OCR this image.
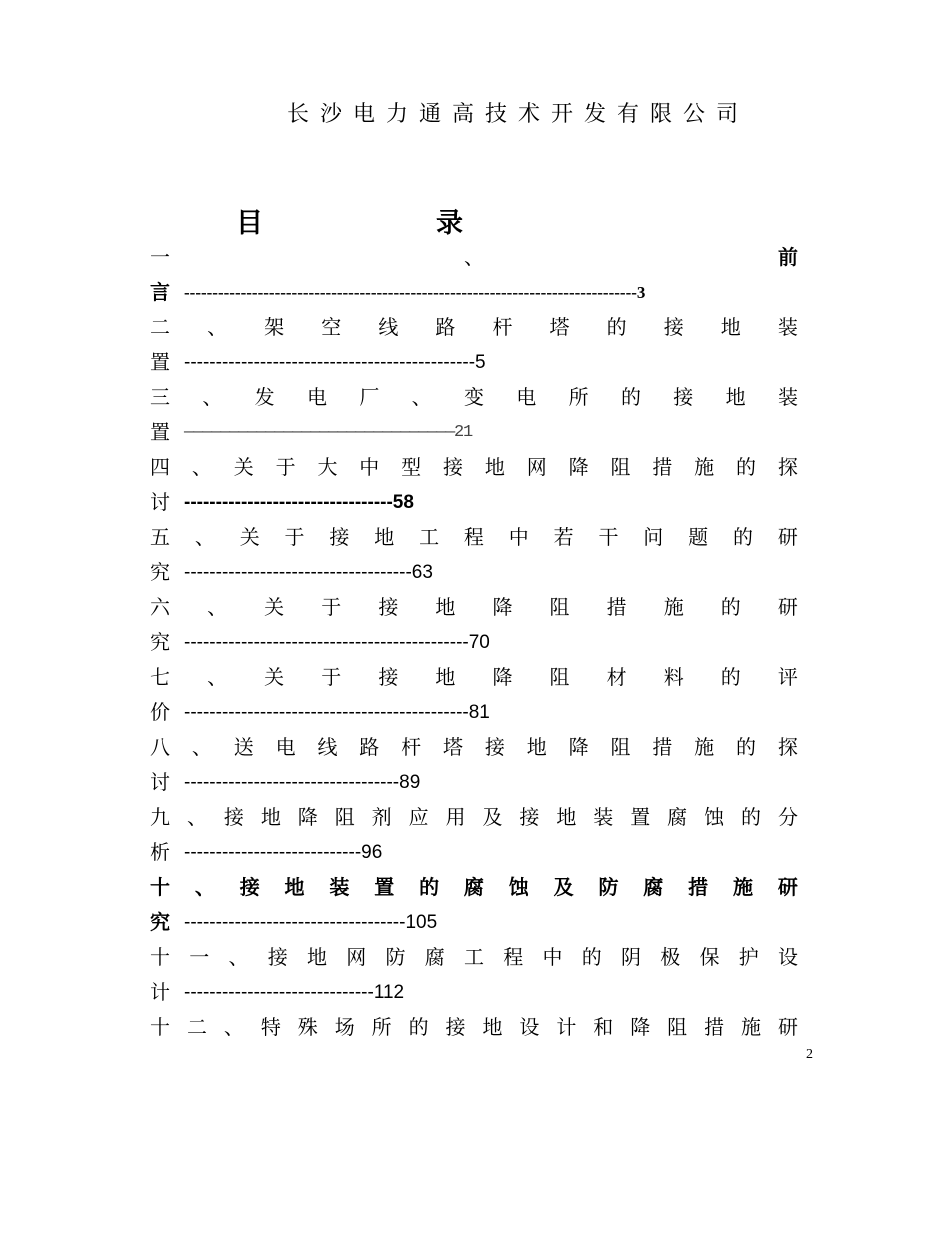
长沙电力通高技术开发有限公司
目	录
一	、	前
言 --------------------------------------------------------------------------------3
二 、 架 空 线 路 杆 塔 的 接 地 装
置 ----------------------------------------------5
三 、 发 电 厂 、 变 电 所 的 接 地 装
置 ——————————————————————————————21
四 、 关 于 大 中 型 接 地 网 降 阻 措 施 的 探
讨 ---------------------------------58
五 、 关 于 接 地 工 程 中 若 干 问 题 的 研
究 ------------------------------------63
六 、 关 于 接 地 降 阻 措 施 的 研
究 ---------------------------------------------70
七 、 关 于 接 地 降 阻 材 料 的 评
价 ---------------------------------------------81
八 、 送 电 线 路 杆 塔 接 地 降 阻 措 施 的 探
讨 ----------------------------------89
九 、 接 地 降 阻 剂 应 用 及 接 地 装 置 腐 蚀 的 分
析 ----------------------------96
十 、 接 地 装 置 的 腐 蚀 及 防 腐 措 施 研
究 -----------------------------------105
十 一 、 接 地 网 防 腐 工 程 中 的 阴 极 保 护 设
计 ------------------------------112
十 二 、 特 殊 场 所 的 接 地 设 计 和 降 阻 措 施 研
2
